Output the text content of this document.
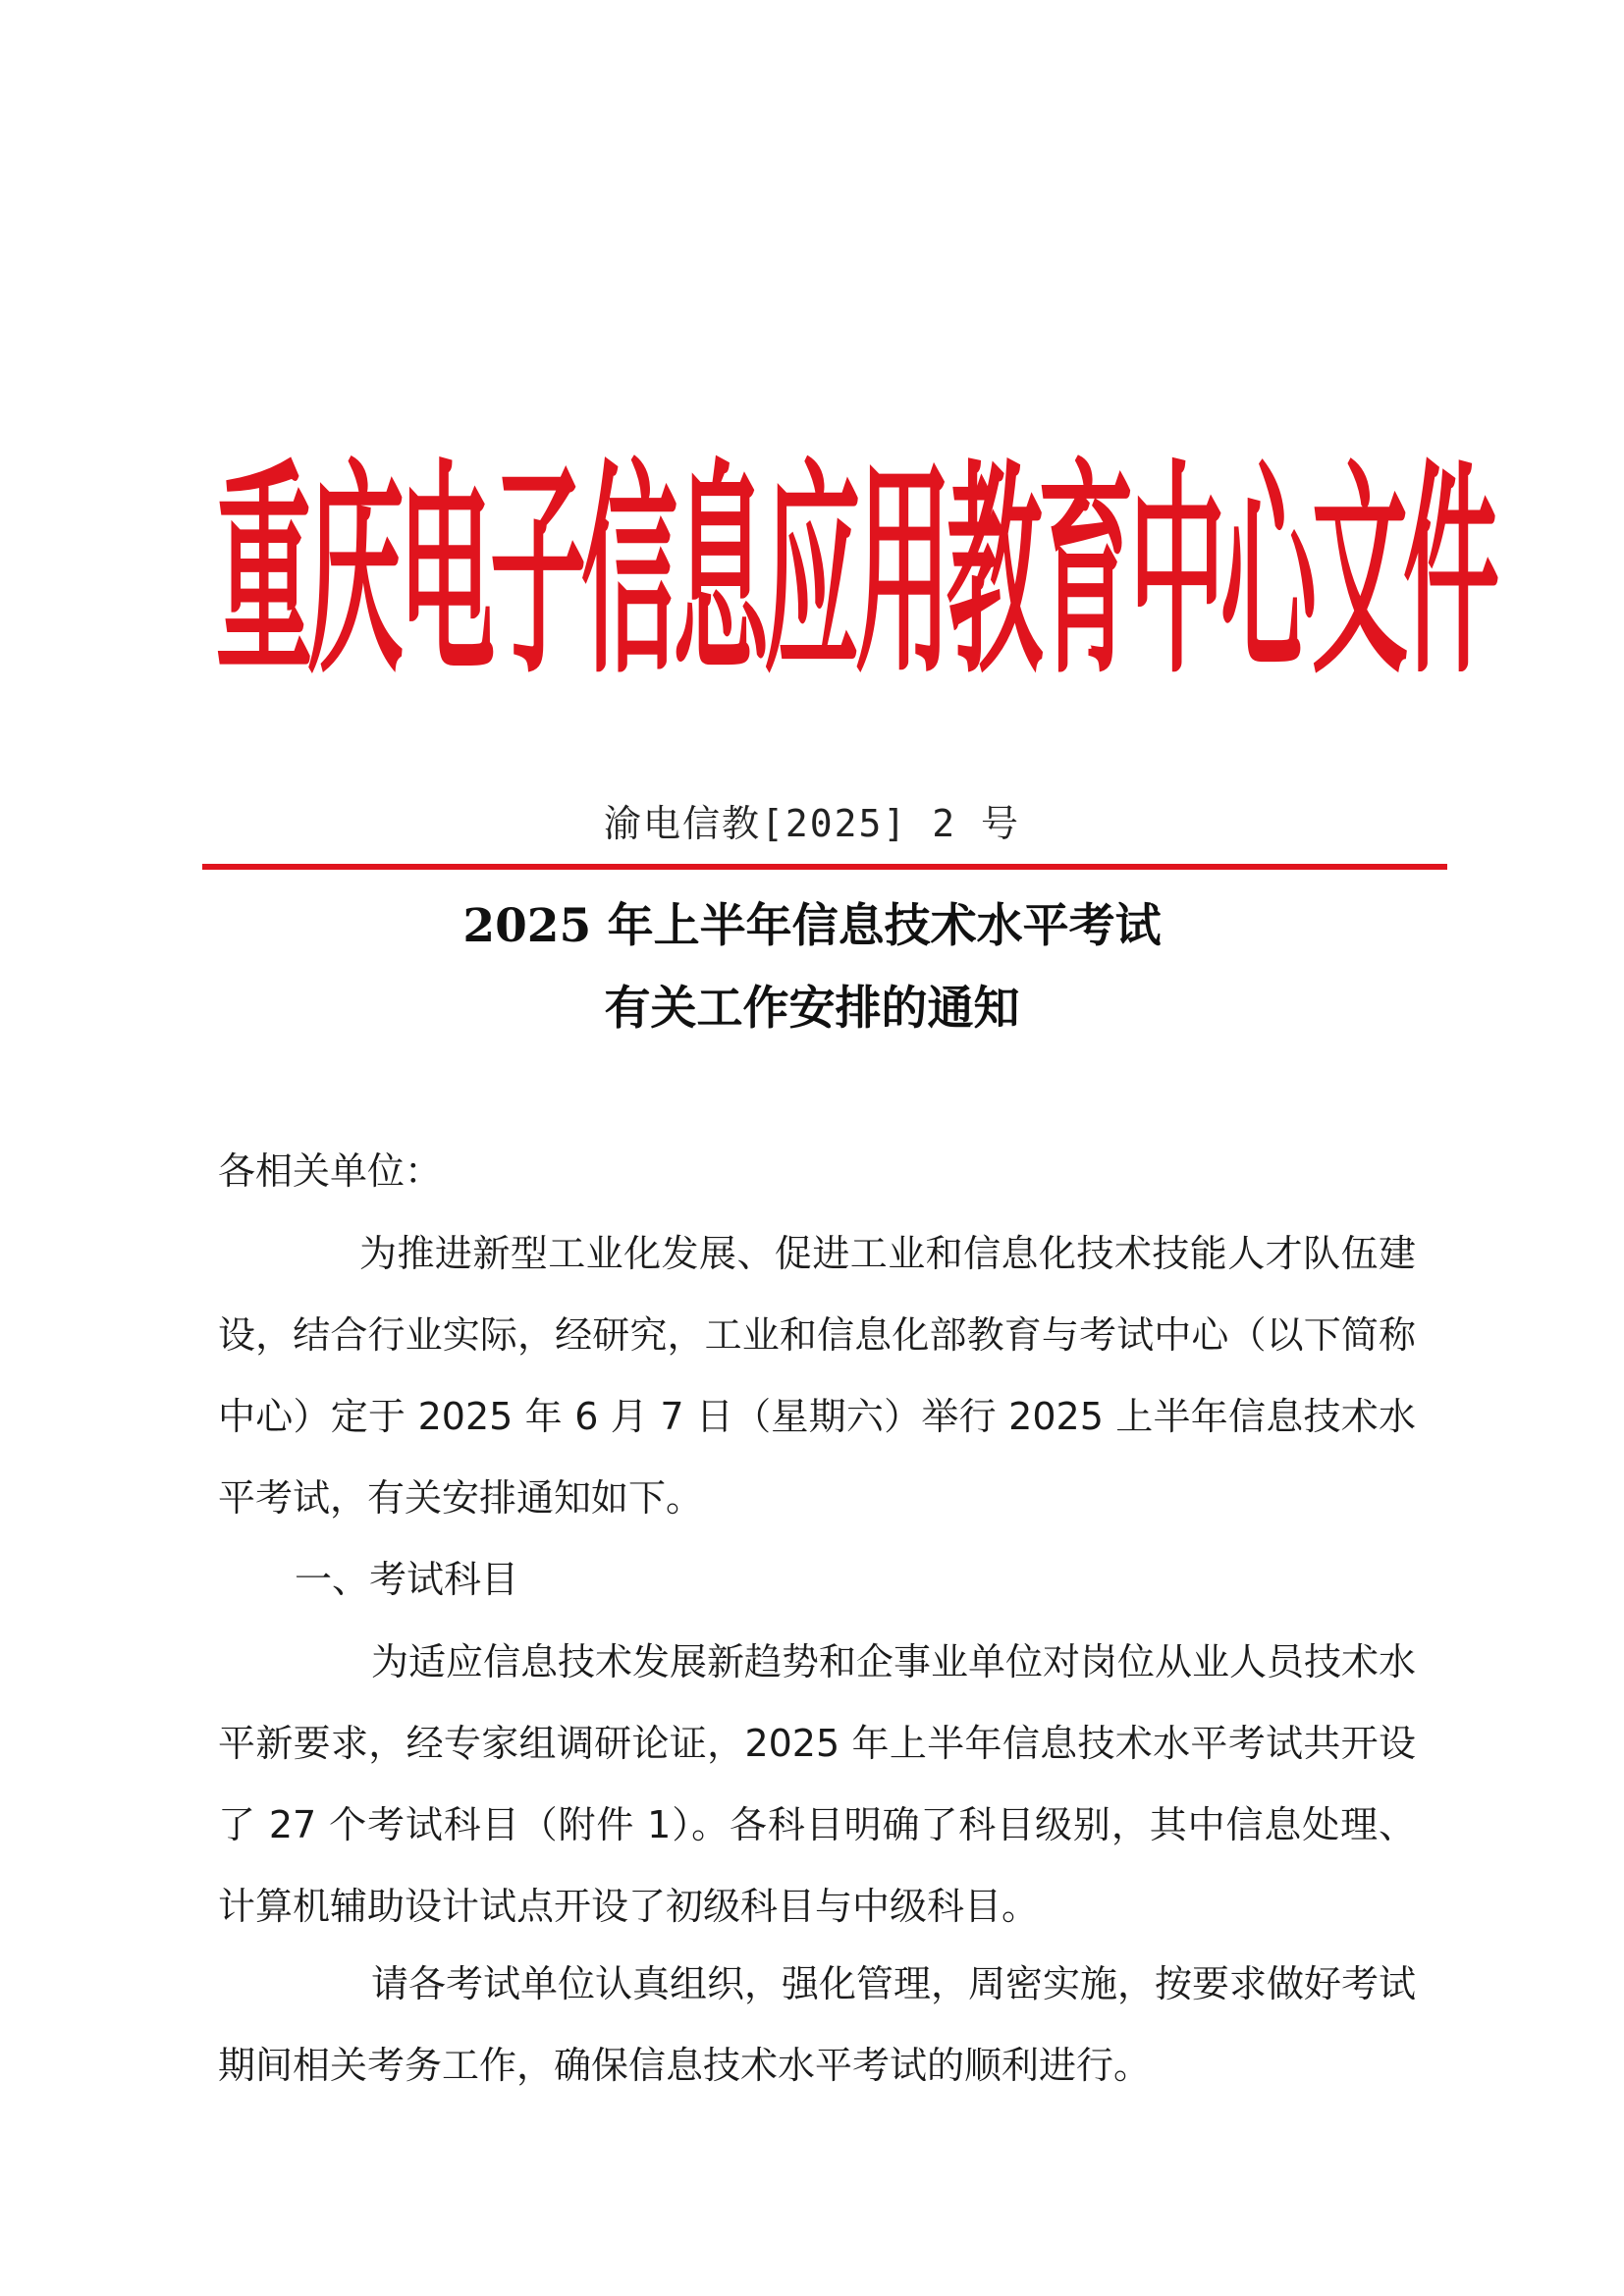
重庆电子信息应用教育中心文件
渝电信教[2025] 2 号
2025 年上半年信息技术水平考试
有关工作安排的通知
各相关单位：
为推进新型工业化发展、促进工业和信息化技术技能人才队伍建设，结合行业实际，经研究，工业和信息化部教育与考试中心（以下简称中心）定于 2025 年 6 月 7 日（星期六）举行 2025 上半年信息技术水平考试，有关安排通知如下。
一、考试科目
为适应信息技术发展新趋势和企事业单位对岗位从业人员技术水平新要求，经专家组调研论证，2025 年上半年信息技术水平考试共开设了 27 个考试科目（附件 1）。各科目明确了科目级别，其中信息处理、计算机辅助设计试点开设了初级科目与中级科目。
请各考试单位认真组织，强化管理，周密实施，按要求做好考试期间相关考务工作，确保信息技术水平考试的顺利进行。
